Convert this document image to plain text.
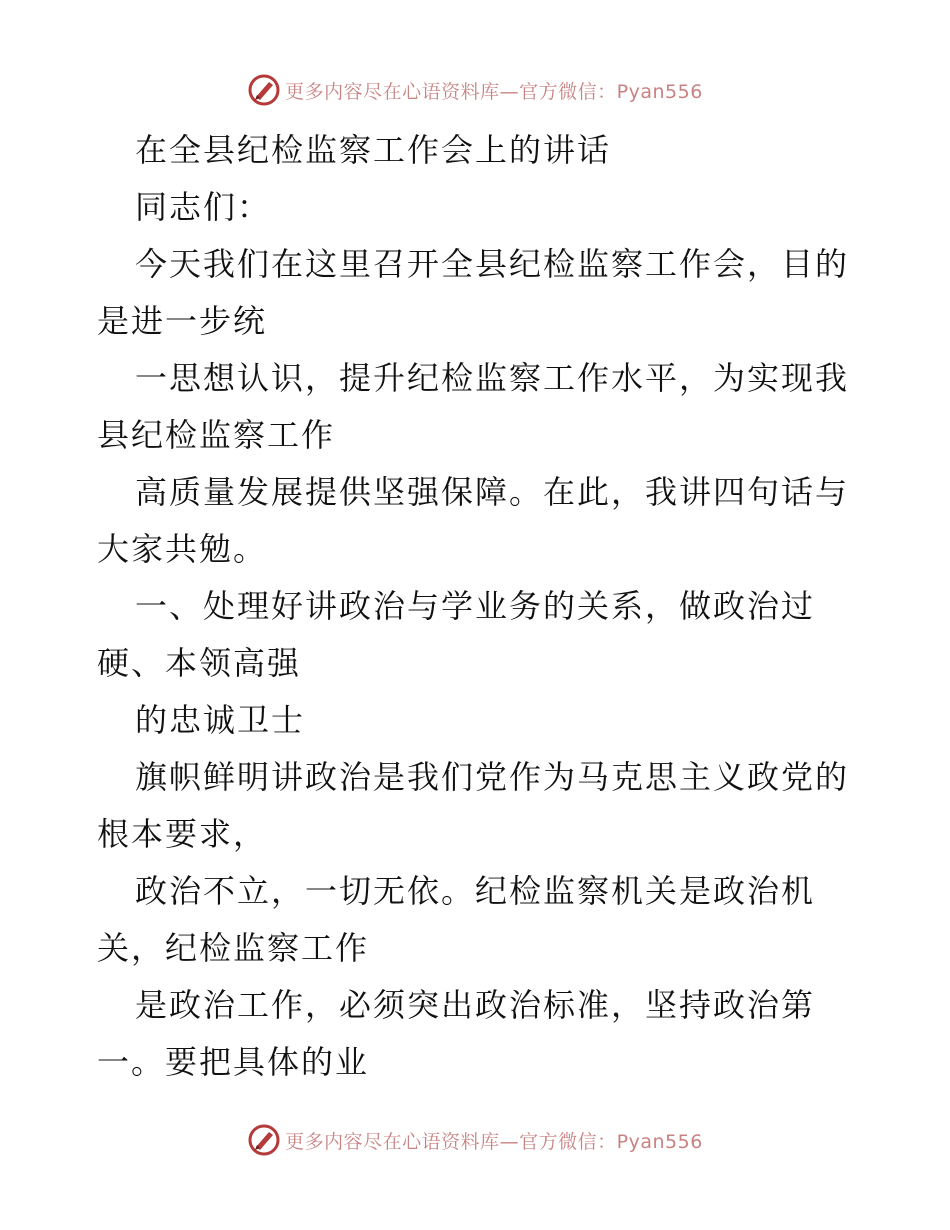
更多内容尽在心语资料库—官方微信：Pyan556

在全县纪检监察工作会上的讲话

同志们：

今天我们在这里召开全县纪检监察工作会，目的是进一步统

一思想认识，提升纪检监察工作水平，为实现我县纪检监察工作

高质量发展提供坚强保障。在此，我讲四句话与大家共勉。

一、处理好讲政治与学业务的关系，做政治过硬、本领高强

的忠诚卫士

旗帜鲜明讲政治是我们党作为马克思主义政党的根本要求，

政治不立，一切无依。纪检监察机关是政治机关，纪检监察工作

是政治工作，必须突出政治标准，坚持政治第一。要把具体的业

更多内容尽在心语资料库—官方微信：Pyan556
